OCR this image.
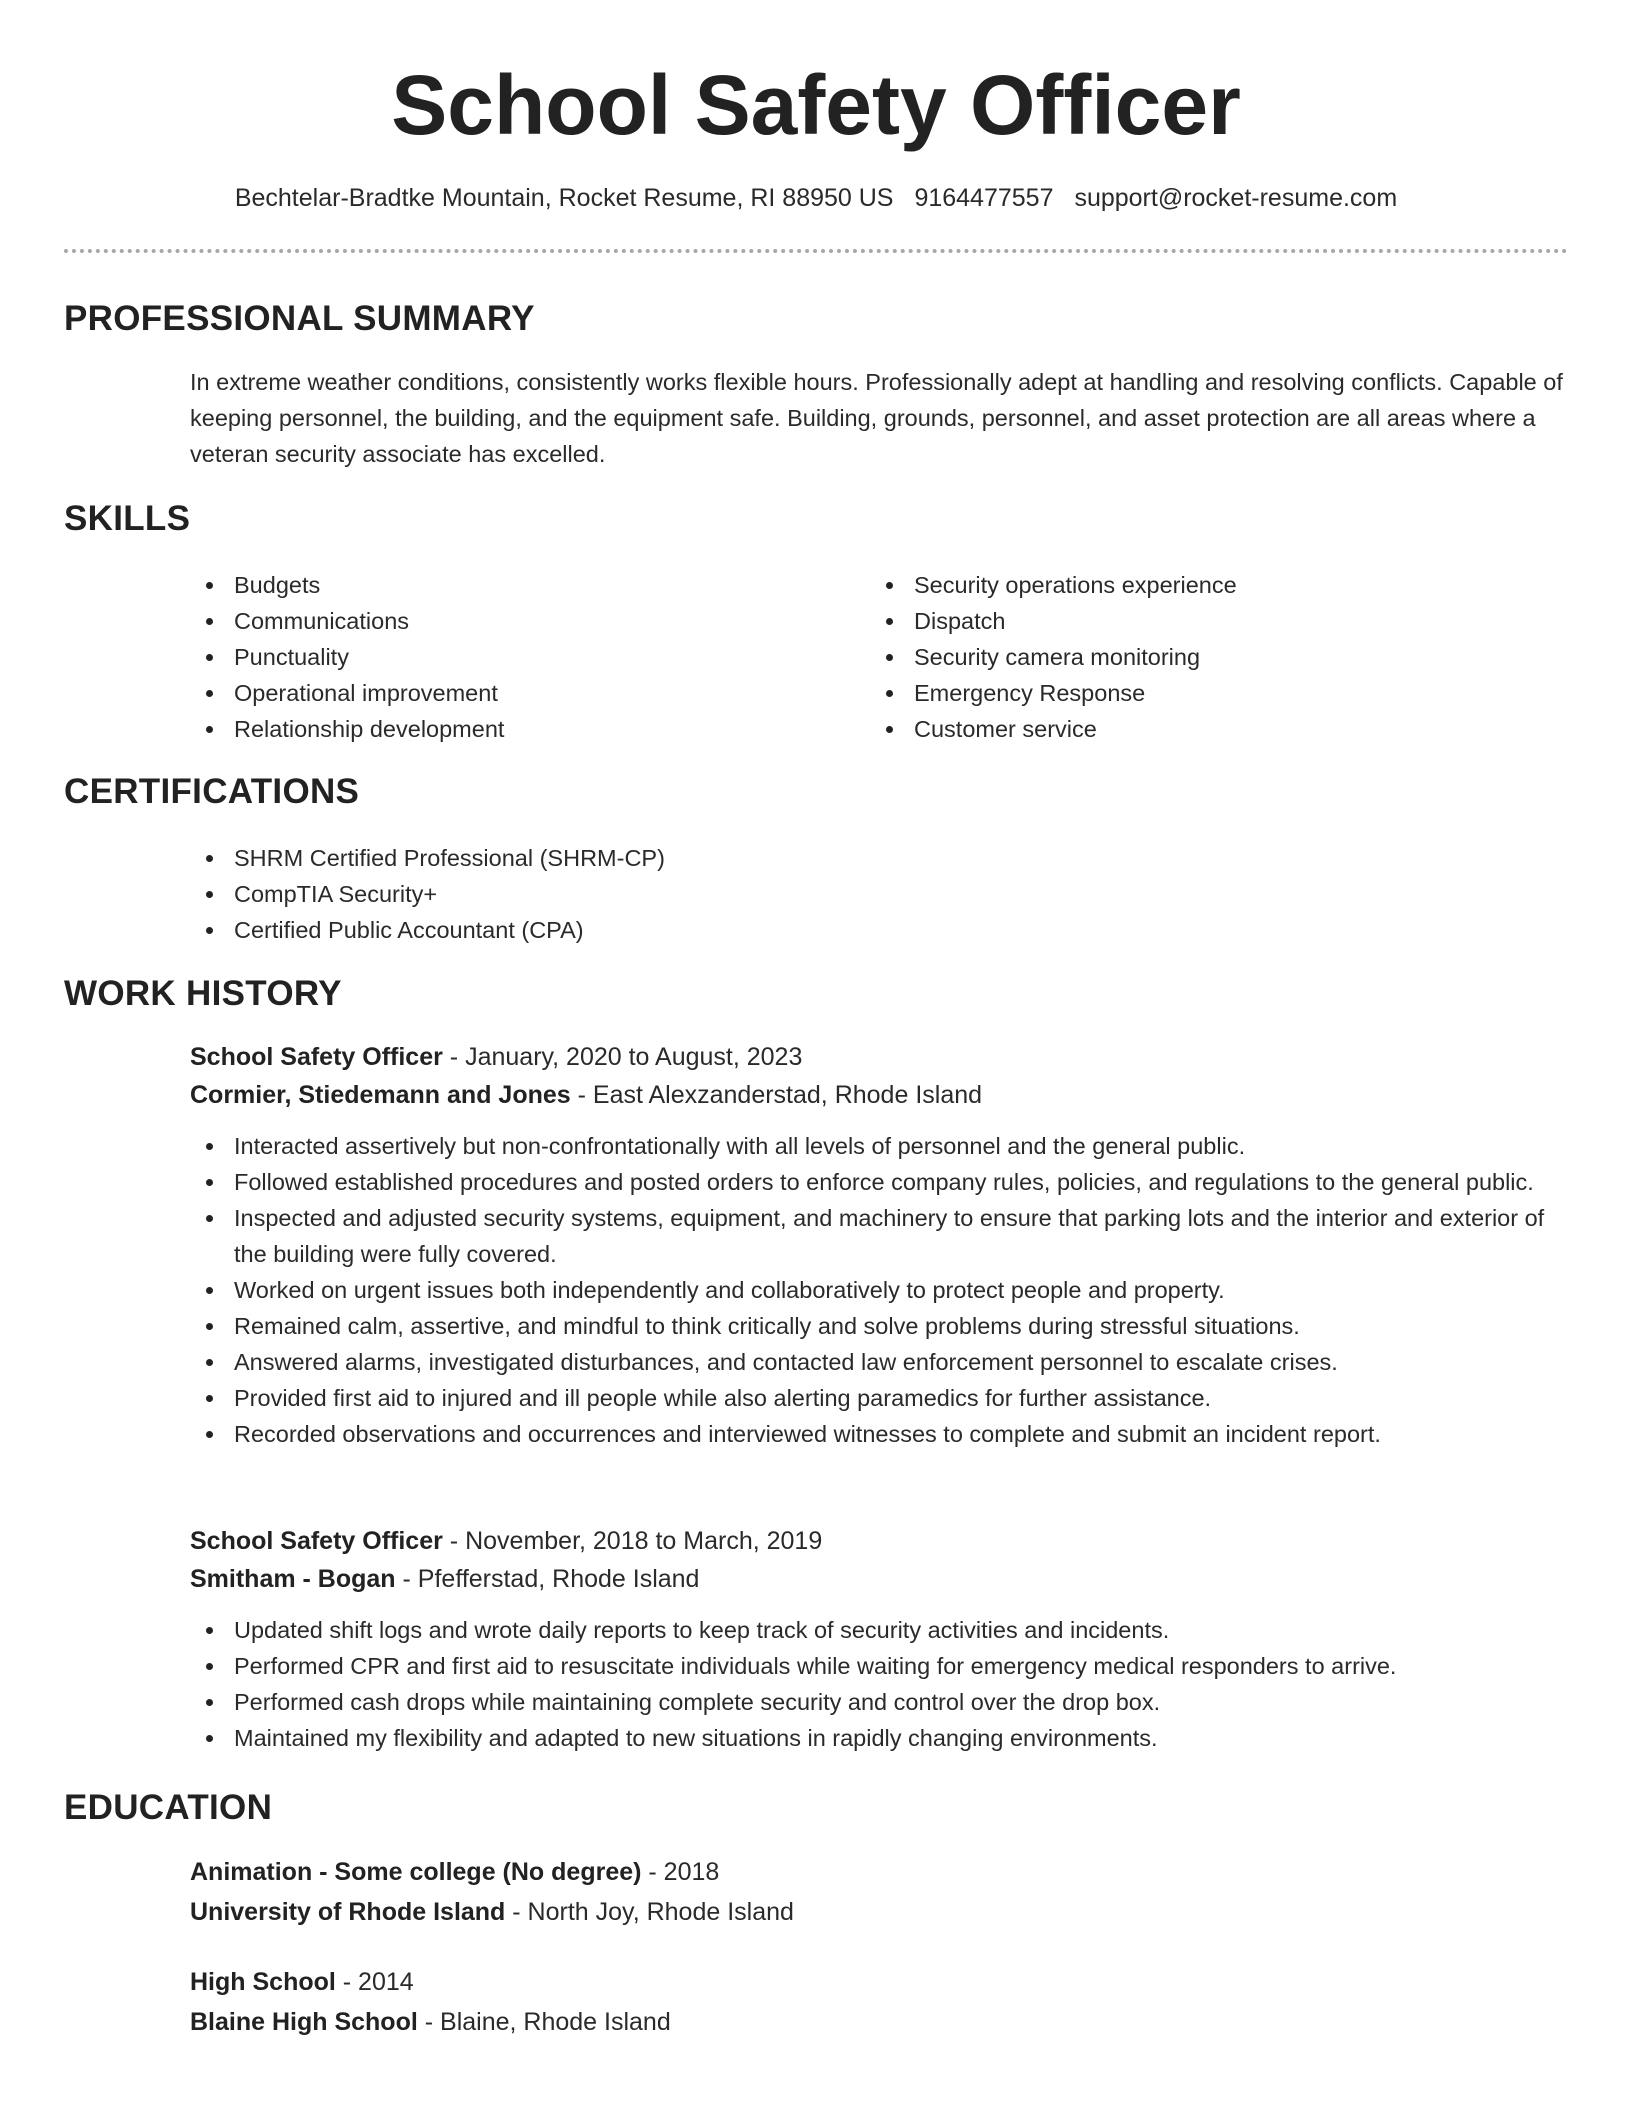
School Safety Officer
Bechtelar-Bradtke Mountain, Rocket Resume, RI 88950 US 9164477557 support@rocket-resume.com
PROFESSIONAL SUMMARY
In extreme weather conditions, consistently works flexible hours. Professionally adept at handling and resolving conflicts. Capable of keeping personnel, the building, and the equipment safe. Building, grounds, personnel, and asset protection are all areas where a veteran security associate has excelled.
SKILLS
Budgets
Communications
Punctuality
Operational improvement
Relationship development
Security operations experience
Dispatch
Security camera monitoring
Emergency Response
Customer service
CERTIFICATIONS
SHRM Certified Professional (SHRM-CP)
CompTIA Security+
Certified Public Accountant (CPA)
WORK HISTORY
School Safety Officer - January, 2020 to August, 2023
Cormier, Stiedemann and Jones - East Alexzanderstad, Rhode Island
Interacted assertively but non-confrontationally with all levels of personnel and the general public.
Followed established procedures and posted orders to enforce company rules, policies, and regulations to the general public.
Inspected and adjusted security systems, equipment, and machinery to ensure that parking lots and the interior and exterior of the building were fully covered.
Worked on urgent issues both independently and collaboratively to protect people and property.
Remained calm, assertive, and mindful to think critically and solve problems during stressful situations.
Answered alarms, investigated disturbances, and contacted law enforcement personnel to escalate crises.
Provided first aid to injured and ill people while also alerting paramedics for further assistance.
Recorded observations and occurrences and interviewed witnesses to complete and submit an incident report.
School Safety Officer - November, 2018 to March, 2019
Smitham - Bogan - Pfefferstad, Rhode Island
Updated shift logs and wrote daily reports to keep track of security activities and incidents.
Performed CPR and first aid to resuscitate individuals while waiting for emergency medical responders to arrive.
Performed cash drops while maintaining complete security and control over the drop box.
Maintained my flexibility and adapted to new situations in rapidly changing environments.
EDUCATION
Animation - Some college (No degree) - 2018
University of Rhode Island - North Joy, Rhode Island
High School - 2014
Blaine High School - Blaine, Rhode Island
